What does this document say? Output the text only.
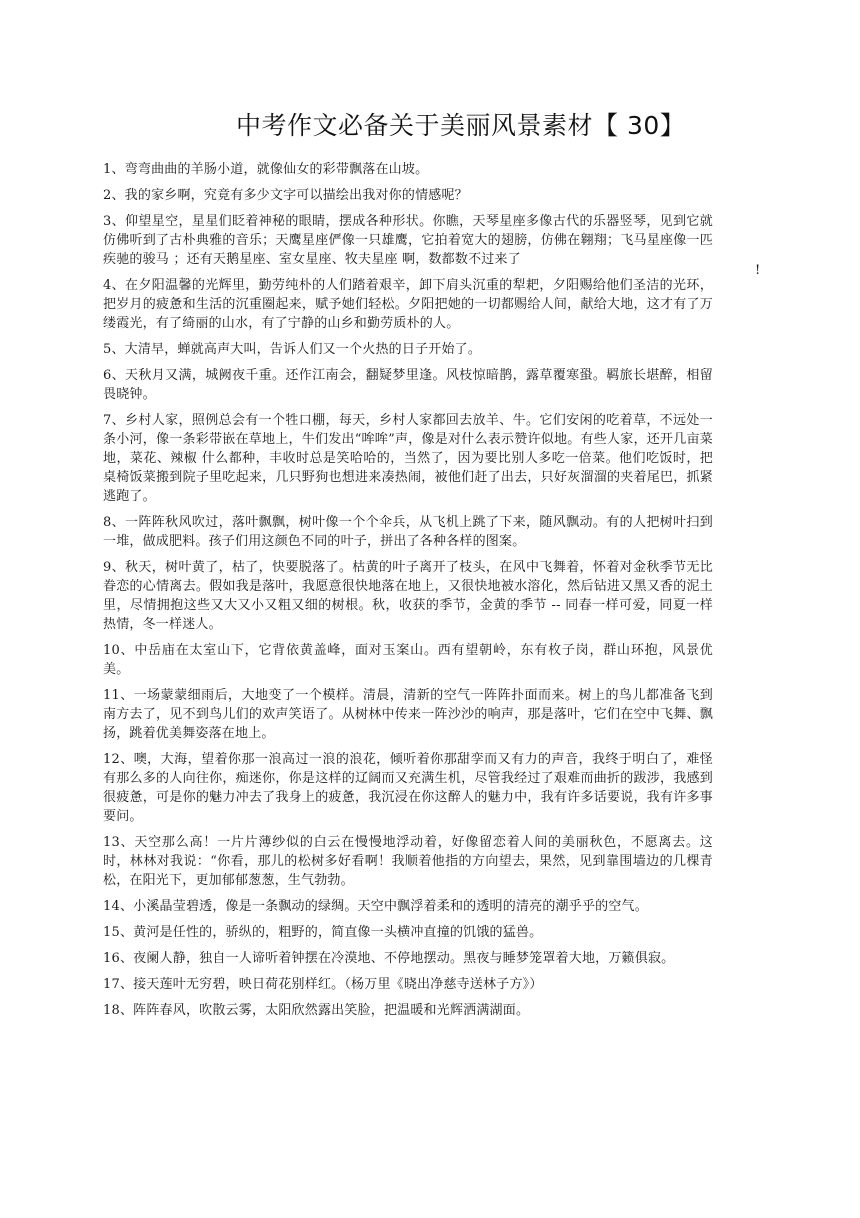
中考作文必备关于美丽风景素材【 30】

1、弯弯曲曲的羊肠小道，就像仙女的彩带飘落在山坡。

2、我的家乡啊，究竟有多少文字可以描绘出我对你的情感呢？

3、仰望星空，星星们眨着神秘的眼睛，摆成各种形状。你瞧，天琴星座多像古代的乐器竖琴，见到它就仿佛听到了古朴典雅的音乐；天鹰星座俨像一只雄鹰，它拍着宽大的翅膀，仿佛在翱翔；飞马星座像一匹疾驰的骏马 ；还有天鹅星座、室女星座、牧夫星座 啊，数都数不过来了

4、在夕阳温馨的光辉里，勤劳纯朴的人们踏着艰辛，卸下肩头沉重的犁耙，夕阳赐给他们圣洁的光环，把岁月的疲惫和生活的沉重圈起来，赋予她们轻松。夕阳把她的一切都赐给人间，献给大地，这才有了万缕霞光，有了绮丽的山水，有了宁静的山乡和勤劳质朴的人。

5、大清早，蝉就高声大叫，告诉人们又一个火热的日子开始了。

6、天秋月又满，城阙夜千重。还作江南会，翻疑梦里逢。风枝惊暗鹊，露草覆寒蛩。羁旅长堪醉，相留畏晓钟。

7、乡村人家，照例总会有一个牲口棚，每天，乡村人家都回去放羊、牛。它们安闲的吃着草，不远处一条小河，像一条彩带嵌在草地上，牛们发出“哞哞”声，像是对什么表示赞许似地。有些人家，还开几亩菜地，菜花、辣椒 什么都种，丰收时总是笑哈哈的，当然了，因为要比别人多吃一倍菜。他们吃饭时，把桌椅饭菜搬到院子里吃起来，几只野狗也想进来凑热闹，被他们赶了出去，只好灰溜溜的夹着尾巴，抓紧逃跑了。

8、一阵阵秋风吹过，落叶飘飘，树叶像一个个伞兵，从飞机上跳了下来，随风飘动。有的人把树叶扫到一堆，做成肥料。孩子们用这颜色不同的叶子，拼出了各种各样的图案。

9、秋天，树叶黄了，枯了，快要脱落了。枯黄的叶子离开了枝头，在风中飞舞着，怀着对金秋季节无比眷恋的心情离去。假如我是落叶，我愿意很快地落在地上，又很快地被水溶化，然后钻进又黑又香的泥土里，尽情拥抱这些又大又小又粗又细的树根。秋，收获的季节，金黄的季节 -- 同春一样可爱，同夏一样热情，冬一样迷人。

10、中岳庙在太室山下，它背依黄盖峰，面对玉案山。西有望朝岭，东有枚子岗，群山环抱，风景优美。

11、一场蒙蒙细雨后，大地变了一个模样。清晨，清新的空气一阵阵扑面而来。树上的鸟儿都准备飞到南方去了，见不到鸟儿们的欢声笑语了。从树林中传来一阵沙沙的响声，那是落叶，它们在空中飞舞、飘扬，跳着优美舞姿落在地上。

12、噢，大海，望着你那一浪高过一浪的浪花，倾听着你那甜孪而又有力的声音，我终于明白了，难怪有那么多的人向往你，痴迷你，你是这样的辽阔而又充满生机，尽管我经过了艰难而曲折的跋涉，我感到很疲惫，可是你的魅力冲去了我身上的疲惫，我沉浸在你这醉人的魅力中，我有许多话要说，我有许多事要问。

13、天空那么高！一片片薄纱似的白云在慢慢地浮动着，好像留恋着人间的美丽秋色，不愿离去。这时，林林对我说：“你看，那儿的松树多好看啊！我顺着他指的方向望去，果然，见到靠围墙边的几棵青松，在阳光下，更加郁郁葱葱，生气勃勃。

14、小溪晶莹碧透，像是一条飘动的绿绸。天空中飘浮着柔和的透明的清亮的潮乎乎的空气。

15、黄河是任性的，骄纵的，粗野的，简直像一头横冲直撞的饥饿的猛兽。

16、夜阑人静，独自一人谛听着钟摆在冷漠地、不停地摆动。黑夜与睡梦笼罩着大地，万籁俱寂。

17、接天莲叶无穷碧，映日荷花别样红。（杨万里《晓出净慈寺送林子方》）

18、阵阵春风，吹散云雾，太阳欣然露出笑脸，把温暖和光辉洒满湖面。

!
